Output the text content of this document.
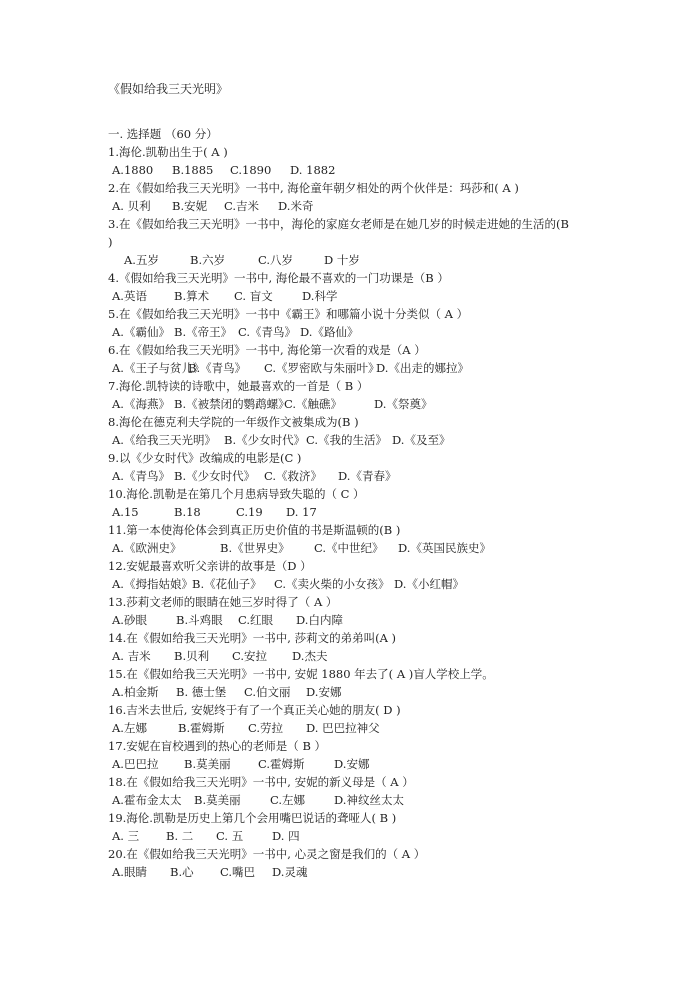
《假如给我三天光明》
一. 选择题 （60 分）
1.海伦.凯勒出生于( A )
A.1880 B.1885 C.1890 D. 1882
2.在《假如给我三天光明》一书中, 海伦童年朝夕相处的两个伙伴是：玛莎和( A )
A. 贝利 B.安妮 C.吉米 D.米奇
3.在《假如给我三天光明》一书中，海伦的家庭女老师是在她几岁的时候走进她的生活的(B
)
A.五岁	B.六岁	C.八岁	D 十岁
4.《假如给我三天光明》一书中, 海伦最不喜欢的一门功课是（B ）
A.英语 B.算术 C. 盲文	D.科学
5.在《假如给我三天光明》一书中《霸王》和哪篇小说十分类似（ A ）
A.《霸仙》 B.《帝王》 C.《青鸟》 D.《路仙》
6.在《假如给我三天光明》一书中, 海伦第一次看的戏是（A ）
A.《王子与贫儿》
B.《青鸟》 C.《罗密欧与朱丽叶》
D.《出走的娜拉》
7.海伦.凯特读的诗歌中，她最喜欢的一首是（ B ）
A.《海燕》 B.《被禁闭的鹦鹉螺》
C.《触礁》	D.《祭奠》
8.海伦在德克利夫学院的一年级作文被集成为(B )
A.《给我三天光明》 B.《少女时代》 C.《我的生活》 D.《及至》
9.以《少女时代》改编成的电影是(C )
A.《青鸟》 B.《少女时代》 C.《救济》 D.《青春》
10.海伦.凯勒是在第几个月患病导致失聪的（ C ）
A.15	B.18	C.19 D. 17
11.第一本使海伦体会到真正历史价值的书是斯温顿的(B )
A.《欧洲史》	B.《世界史》 C.《中世纪》 D.《英国民族史》
12.安妮最喜欢听父亲讲的故事是（D ）
A.《拇指姑娘》 B.《花仙子》 C.《卖火柴的小女孩》 D.《小红帽》
13.莎莉文老师的眼睛在她三岁时得了（ A ）
A.砂眼	B.斗鸡眼 C.红眼 D.白内障
14.在《假如给我三天光明》一书中, 莎莉文的弟弟叫(A )
A. 吉米 B.贝利 C.安拉 D.杰夫
15.在《假如给我三天光明》一书中, 安妮 1880 年去了( A )盲人学校上学。
A.柏金斯 B. 德士堡 C.伯文丽 D.安娜
16.吉米去世后, 安妮终于有了一个真正关心她的朋友( D )
A.左娜	B.霍姆斯 C.劳拉 D. 巴巴拉神父
17.安妮在盲校遇到的热心的老师是（ B ）
A.巴巴拉 B.莫美丽 C.霍姆斯	D.安娜
18.在《假如给我三天光明》一书中, 安妮的新义母是（ A ）
A.霍布金太太 B.莫美丽	C.左娜	D.神纹丝太太
19.海伦.凯勒是历史上第几个会用嘴巴说话的聋哑人( B )
A. 三 B. 二 C. 五	D. 四
20.在《假如给我三天光明》一书中, 心灵之窗是我们的（ A ）
A.眼睛 B.心 C.嘴巴 D.灵魂
